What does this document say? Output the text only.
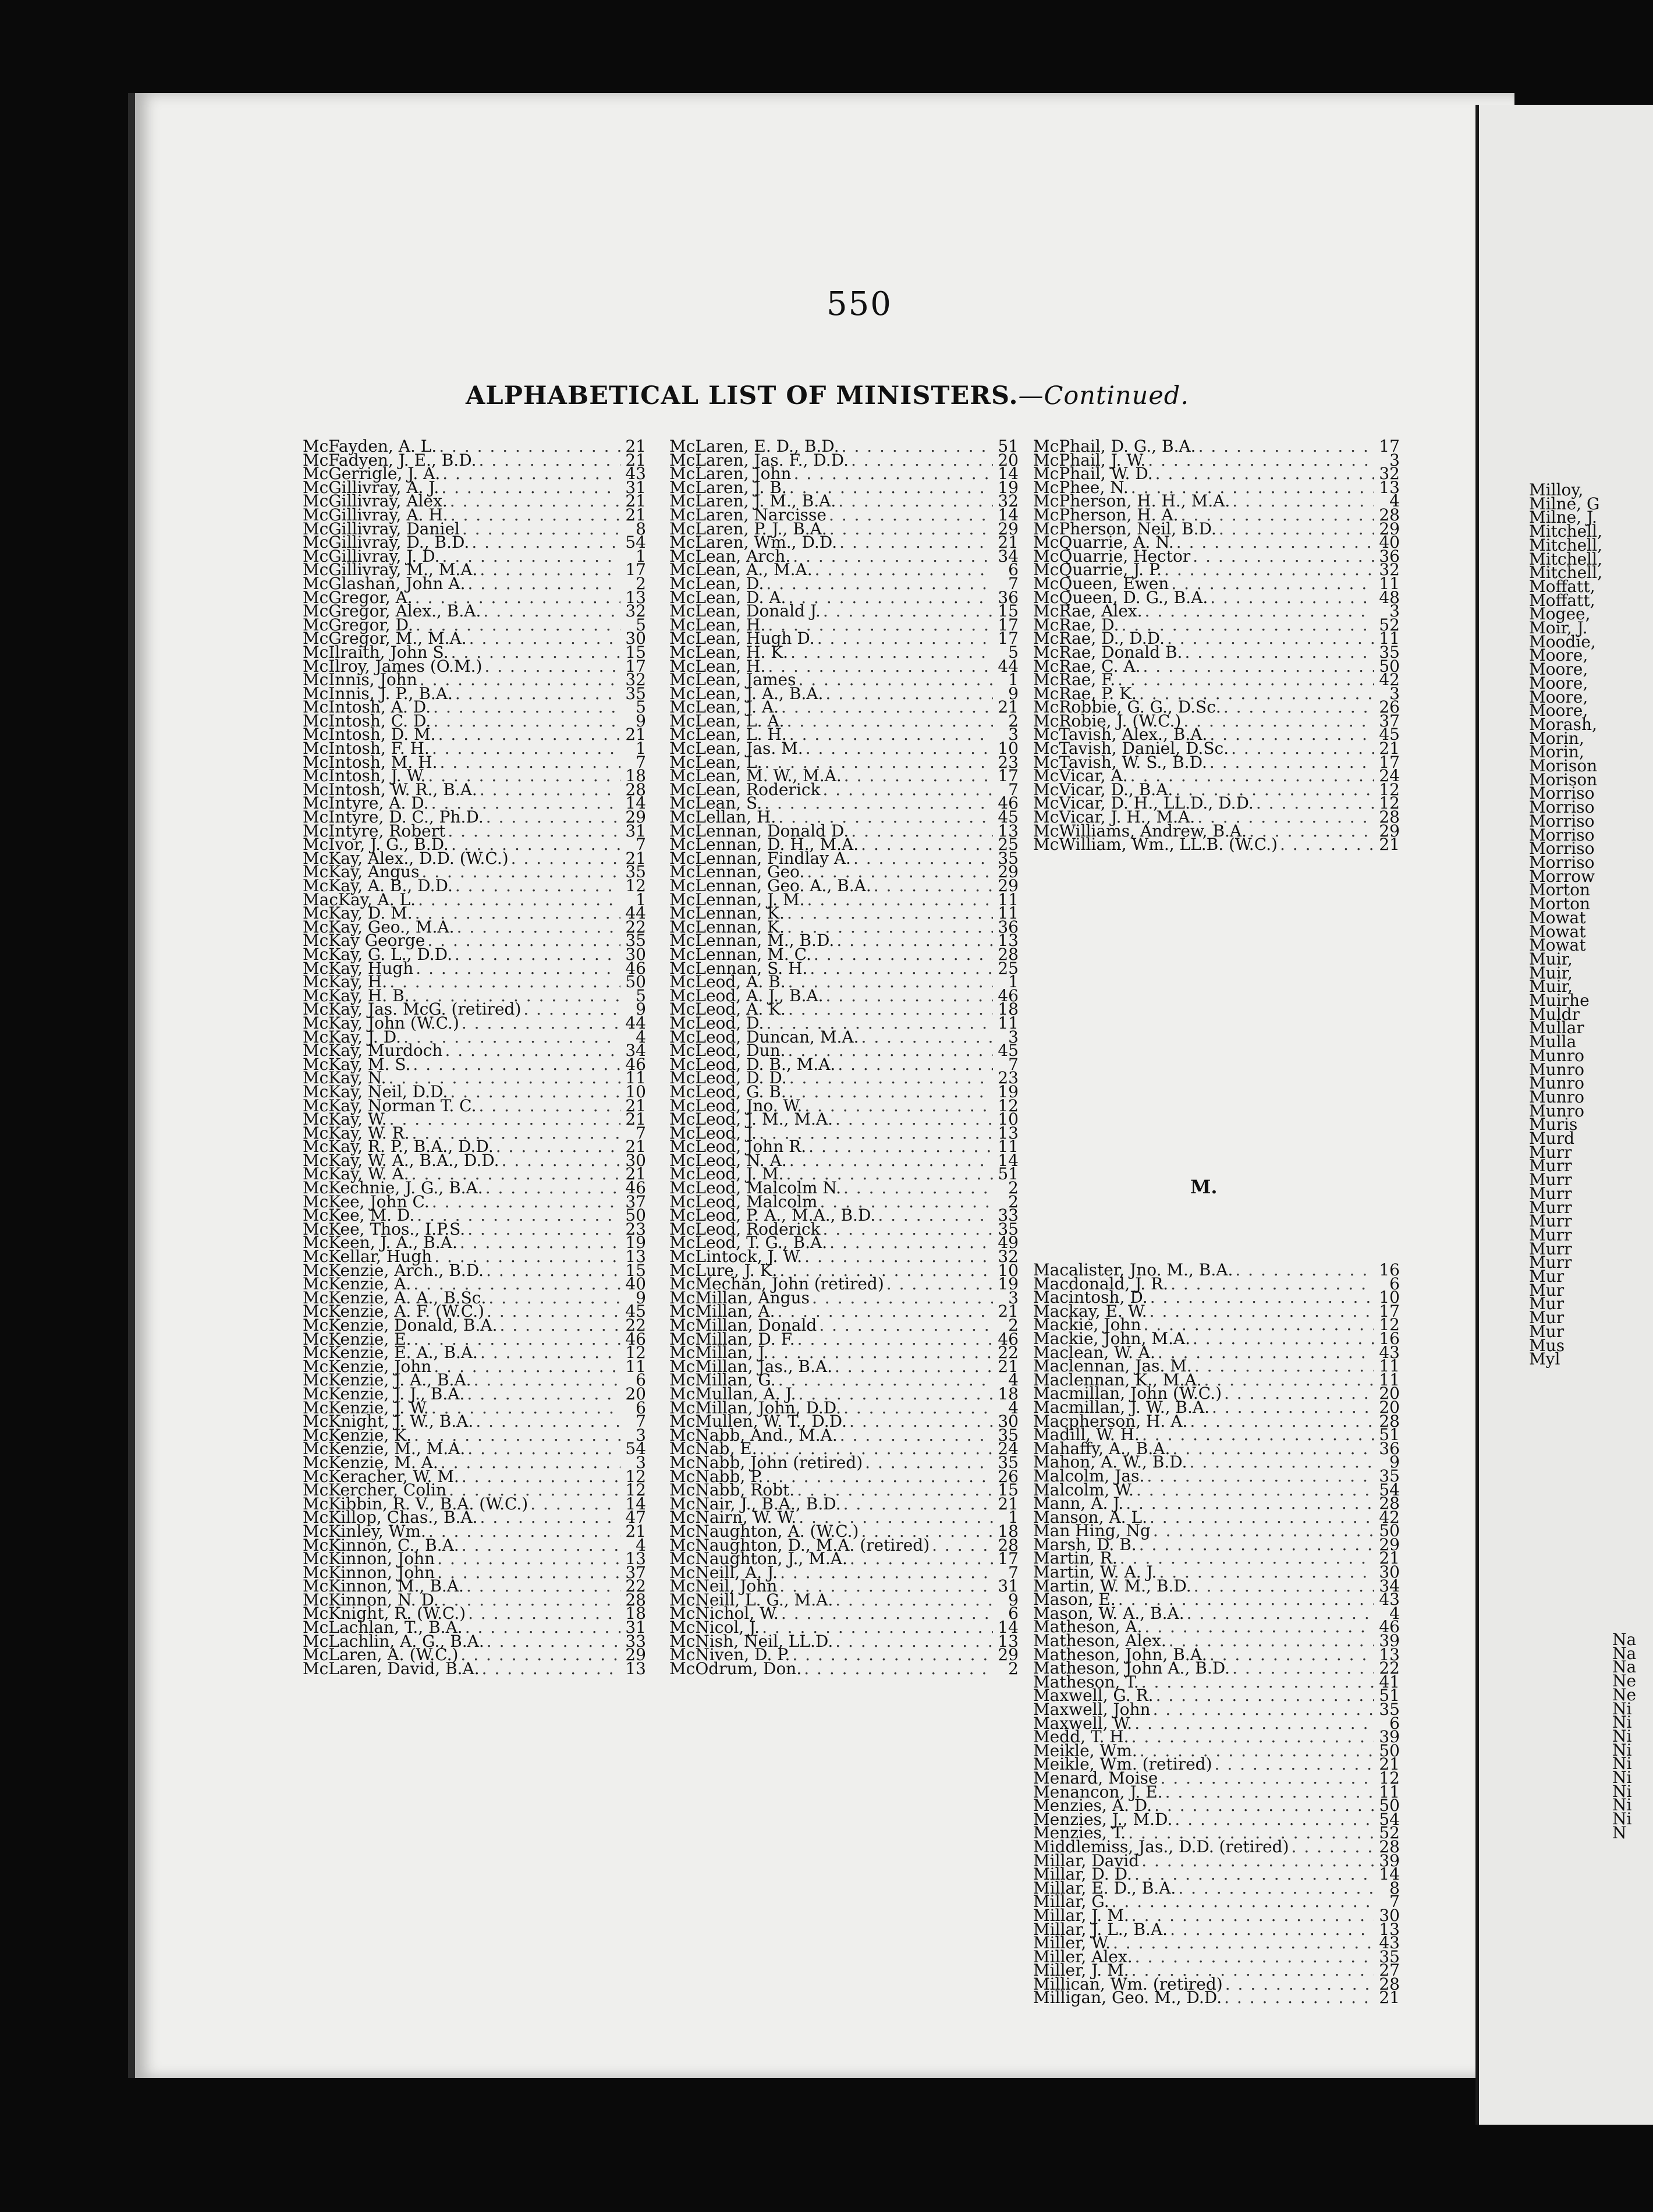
550
ALPHABETICAL LIST OF MINISTERS.—Continued.
McFayden, A. L. . . .	21
McFadyen, J. E., B.D. . . .	21
McGerrigle, J. A. . . .	43
McGillivray, A. J. . . .	31
McGillivray, Alex. . . .	21
McGillivray, A. H. . . .	21
McGillivray, Daniel . . .	8
McGillivray, D., B.D. . . .	54
McGillivray, J. D. . . .	1
McGillivray, M., M.A. . . .	17
McGlashan, John A. . . .	2
McGregor, A. . . .	13
McGregor, Alex., B.A. . . .	32
McGregor, D. . . .	5
McGregor, M., M.A. . . .	30
McIlraith, John S. . . .	15
McIlroy, James (O.M.) . . .	17
McInnis, John . . .	32
McInnis, J. P., B.A. . . .	35
McIntosh, A. D. . . .	5
McIntosh, C. D. . . .	9
McIntosh, D. M. . . .	21
McIntosh, F. H. . . .	1
McIntosh, M. H. . . .	7
McIntosh, J. W. . . .	18
McIntosh, W. R., B.A. . . .	28
McIntyre, A. D. . . .	14
McIntyre, D. C., Ph.D. . . .	29
McIntyre, Robert . . .	31
McIvor, J. G., B.D. . . .	7
McKay, Alex., D.D. (W.C.) . . .	21
McKay, Angus . . .	35
McKay, A. B., D.D. . . .	12
MacKay, A. L. . . .	1
McKay, D. M. . . .	44
McKay, Geo., M.A. . . .	22
McKay George . . .	35
McKay, G. L., D.D. . . .	30
McKay, Hugh . . .	46
McKay, H. . . .	50
McKay, H. B. . . .	5
McKay, Jas. McG. (retired) . . .	9
McKay, John (W.C.) . . .	44
McKay, J. D. . . .	4
McKay, Murdoch . . .	34
McKay, M. S. . . .	46
McKay, N. . . .	11
McKay, Neil, D.D. . . .	10
McKay, Norman T. C. . . .	21
McKay, W. . . .	21
McKay, W. R. . . .	7
McKay, R. P., B.A., D.D. . . .	21
McKay, W. A., B.A., D.D. . . .	30
McKay, W. A. . . .	21
McKechnie, J. G., B.A. . . .	46
McKee, John C. . . .	37
McKee, M. D. . . .	50
McKee, Thos., I.P.S. . . .	23
McKeen, J. A., B.A. . . .	19
McKellar, Hugh . . .	13
McKenzie, Arch., B.D. . . .	15
McKenzie, A. . . .	40
McKenzie, A. A., B.Sc. . . .	9
McKenzie, A. F. (W.C.) . . .	45
McKenzie, Donald, B.A. . . .	22
McKenzie, E. . . .	46
McKenzie, E. A., B.A. . . .	12
McKenzie, John . . .	11
McKenzie, J. A., B.A. . . .	6
McKenzie, J. J., B.A. . . .	20
McKenzie, J. W. . . .	6
McKnight, J. W., B.A. . . .	7
McKenzie, K. . . .	3
McKenzie, M., M.A. . . .	54
McKenzie, M. A. . . .	3
McKeracher, W. M. . . .	12
McKercher, Colin . . .	12
McKibbin, R. V., B.A. (W.C.) . . .	14
McKillop, Chas., B.A. . . .	47
McKinley, Wm. . . .	21
McKinnon, C., B.A. . . .	4
McKinnon, John . . .	13
McKinnon, John . . .	37
McKinnon, M., B.A. . . .	22
McKinnon, N. D. . . .	28
McKnight, R. (W.C.) . . .	18
McLachlan, T., B.A. . . .	31
McLachlin, A. G., B.A. . . .	33
McLaren, A. (W.C.) . . .	29
McLaren, David, B.A. . . .	13
McLaren, E. D., B.D. . . .	51
McLaren, Jas. F., D.D. . . .	20
McLaren, John . . .	14
McLaren, J. B. . . .	19
McLaren, J. M., B.A. . . .	32
McLaren, Narcisse . . .	14
McLaren, P. J., B.A. . . .	29
McLaren, Wm., D.D. . . .	21
McLean, Arch. . . .	34
McLean, A., M.A. . . .	6
McLean, D. . . .	7
McLean, D. A. . . .	36
McLean, Donald J. . . .	15
McLean, H. . . .	17
McLean, Hugh D. . . .	17
McLean, H. K. . . .	5
McLean, H. . . .	44
McLean, James . . .	1
McLean, J. A., B.A. . . .	9
McLean, J. A. . . .	21
McLean, L. A. . . .	2
McLean, L. H. . . .	3
McLean, Jas. M. . . .	10
McLean, L. . . .	23
McLean, M. W., M.A. . . .	17
McLean, Roderick . . .	7
McLean, S. . . .	46
McLellan, H. . . .	45
McLennan, Donald D. . . .	13
McLennan, D. H., M.A. . . .	25
McLennan, Findlay A. . . .	35
McLennan, Geo. . . .	29
McLennan, Geo. A., B.A. . . .	29
McLennan, J. M. . . .	11
McLennan, K. . . .	11
McLennan, K. . . .	36
McLennan, M., B.D. . . .	13
McLennan, M. C. . . .	28
McLennan, S. H. . . .	25
McLeod, A. B. . . .	1
McLeod, A. J., B.A. . . .	46
McLeod, A. K. . . .	18
McLeod, D. . . .	11
McLeod, Duncan, M.A. . . .	3
McLeod, Dun. . . .	45
McLeod, D. B., M.A. . . .	7
McLeod, D. D. . . .	23
McLeod, G. B. . . .	19
McLeod, Jno. W. . . .	12
McLeod, J. M., M.A. . . .	10
McLeod, J. . . .	13
McLeod, John R. . . .	11
McLeod, N. A. . . .	14
McLeod, J. M. . . .	51
McLeod, Malcolm N. . . .	2
McLeod, Malcolm . . .	2
McLeod, P. A., M.A., B.D. . . .	33
McLeod, Roderick . . .	35
McLeod, T. G., B.A. . . .	49
McLintock, J. W. . . .	32
McLure, J. K. . . .	10
McMechan, John (retired) . . .	19
McMillan, Angus . . .	3
McMillan, A. . . .	21
McMillan, Donald . . .	2
McMillan, D. F. . . .	46
McMillan, J. . . .	22
McMillan, Jas., B.A. . . .	21
McMillan, G. . . .	4
McMullan, A. J. . . .	18
McMillan, John, D.D. . . .	4
McMullen, W. T., D.D. . . .	30
McNabb, And., M.A. . . .	35
McNab, E. . . .	24
McNabb, John (retired) . . .	35
McNabb, P. . . .	26
McNabb, Robt. . . .	15
McNair, J., B.A., B.D. . . .	21
McNairn, W. W. . . .	1
McNaughton, A. (W.C.) . . .	18
McNaughton, D., M.A. (retired) . . .	28
McNaughton, J., M.A. . . .	17
McNeill, A. J. . . .	7
McNeil, John . . .	31
McNeill, L. G., M.A. . . .	9
McNichol, W. . . .	6
McNicol, J. . . .	14
McNish, Neil, LL.D. . . .	13
McNiven, D. P. . . .	29
McOdrum, Don. . . .	2
McPhail, D. G., B.A. . . .	17
McPhail, J. W. . . .	3
McPhail, W. D. . . .	32
McPhee, N. . . .	13
McPherson, H. H., M.A. . . .	4
McPherson, H. A. . . .	28
McPherson, Neil, B.D. . . .	29
McQuarrie, A. N. . . .	40
McQuarrie, Hector . . .	36
McQuarrie, J. P. . . .	32
McQueen, Ewen . . .	11
McQueen, D. G., B.A. . . .	48
McRae, Alex. . . .	3
McRae, D. . . .	52
McRae, D., D.D. . . .	11
McRae, Donald B. . . .	35
McRae, C. A. . . .	50
McRae, F. . . .	42
McRae, P. K. . . .	3
McRobbie, G. G., D.Sc. . . .	26
McRobie, J. (W.C.) . . .	37
McTavish, Alex., B.A. . . .	45
McTavish, Daniel, D.Sc. . . .	21
McTavish, W. S., B.D. . . .	17
McVicar, A. . . .	24
McVicar, D., B.A. . . .	12
McVicar, D. H., LL.D., D.D. . . .	12
McVicar, J. H., M.A. . . .	28
McWilliams, Andrew, B.A. . . .	29
McWilliam, Wm., LL.B. (W.C.) . . .	21
M.
Macalister, Jno. M., B.A. . . .	16
Macdonald, J. R. . . .	6
Macintosh, D. . . .	10
Mackay, E. W. . . .	17
Mackie, John . . .	12
Mackie, John, M.A. . . .	16
Maclean, W. A. . . .	43
Maclennan, Jas. M. . . .	11
Maclennan, K., M.A. . . .	11
Macmillan, John (W.C.) . . .	20
Macmillan, J. W., B.A. . . .	20
Macpherson, H. A. . . .	28
Madill, W. H. . . .	51
Mahaffy, A., B.A. . . .	36
Mahon, A. W., B.D. . . .	9
Malcolm, Jas. . . .	35
Malcolm, W. . . .	54
Mann, A. J. . . .	28
Manson, A. L. . . .	42
Man Hing, Ng . . .	50
Marsh, D. B. . . .	29
Martin, R. . . .	21
Martin, W. A. J. . . .	30
Martin, W. M., B.D. . . .	34
Mason, E. . . .	43
Mason, W. A., B.A. . . .	4
Matheson, A. . . .	46
Matheson, Alex. . . .	39
Matheson, John, B.A. . . .	13
Matheson, John A., B.D. . . .	22
Matheson, T. . . .	41
Maxwell, G. R. . . .	51
Maxwell, John . . .	35
Maxwell, W. . . .	6
Medd, T. H. . . .	39
Meikle, Wm. . . .	50
Meikle, Wm. (retired) . . .	21
Menard, Moise . . .	12
Menancon, J. E. . . .	11
Menzies, A. D. . . .	50
Menzies, J., M.D. . . .	54
Menzies, T. . . .	52
Middlemiss, Jas., D.D. (retired) . . .	28
Millar, David . . .	39
Millar, D. D. . . .	14
Millar, E. D., B.A. . . .	8
Millar, G. . . .	7
Millar, J. M. . . .	30
Millar, J. L., B.A. . . .	13
Miller, W. . . .	43
Miller, Alex. . . .	35
Miller, J. M. . . .	27
Millican, Wm. (retired) . . .	28
Milligan, Geo. M., D.D. . . .	21
Milloy,
Milne, G
Milne, J.
Mitchell,
Mitchell,
Mitchell,
Mitchell,
Moffatt,
Moffatt,
Mogee,
Moir, J.
Moodie,
Moore,
Moore,
Moore,
Moore,
Moore,
Morash,
Morin,
Morin,
Morison
Morison
Morriso
Morriso
Morriso
Morriso
Morriso
Morriso
Morrow
Morton
Morton
Mowat
Mowat
Mowat
Muir,
Muir,
Muir,
Muirhe
Muldr
Mullar
Mulla
Munro
Munro
Munro
Munro
Munro
Muris
Murd
Murr
Murr
Murr
Murr
Murr
Murr
Murr
Murr
Murr
Mur
Mur
Mur
Mur
Mur
Mus
Myl
Na
Na
Na
Ne
Ne
Ni
Ni
Ni
Ni
Ni
Ni
Ni
Ni
Ni
N
